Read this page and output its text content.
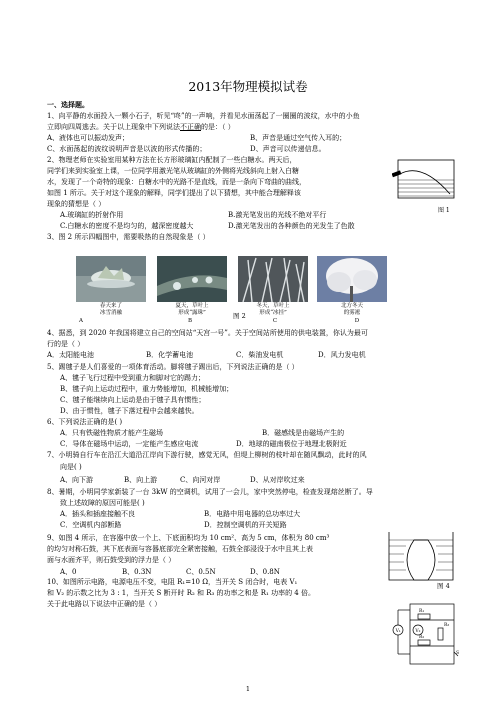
2013年物理模拟试卷
一、选择题。
1、向平静的水面投入一颗小石子，听见“咚”的一声响，并看见水面荡起了一圈圈的波纹，水中的小鱼
立即向四周逃去。关于以上现象中下列说法不正确的是：（ ）
A、液体也可以振动发声；	B、声音是通过空气传入耳的；
C、水面荡起的波纹说明声音是以波的形式传播的；	D、声音可以传递信息。
2、物理老师在实验室用某种方法在长方形玻璃缸内配制了一些白糖水。两天后，
同学们来到实验室上课，一位同学用激光笔从玻璃缸的外侧将光线斜向上射入白糖
水，发现了一个奇特的现象：白糖水中的光路不是直线，而是一条向下弯曲的曲线，
如图 1 所示。关于对这个现象的解释，同学们提出了以下猜想，其中能合理解释该
现象的猜想是（ ）
A.玻璃缸的折射作用	B.激光笔发出的光线不绝对平行
C.白糖水的密度不是均匀的，越深密度越大	D.激光笔发出的各种颜色的光发生了色散
图 1
3、图 2 所示四幅图中，需要吸热的自然现象是（ ）
春天来了
冰雪消融
夏天，草叶上
形成“露珠”
冬天，草叶上
形成“冰挂”
北方冬天
的雾凇
A	B	C	D
图 2
4、据悉，到 2020 年我国将建立自己的空间站“天宫一号”。关于空间站所使用的供电装置，你认为最可
行的是（ ）
A．太阳能电池	B．化学蓄电池	C．柴油发电机	D．风力发电机
5、踢毽子是人们喜爱的一项体育活动。脚将毽子踢出后，下列说法正确的是（ ）
A、毽子飞行过程中受到重力和脚对它的踢力；
B、毽子向上运动过程中，重力势能增加，机械能增加；
C、毽子能继续向上运动是由于毽子具有惯性；
D、由于惯性，毽子下落过程中会越来越快。
6、下列说法正确的是( )
A．只有铁磁性物质才能产生磁场	B．磁感线是由磁场产生的
C．导体在磁场中运动，一定能产生感应电流	D．地球的磁南极位于地理北极附近
7、小明骑自行车在沿江大道沿江岸向下游行驶，感觉无风，但堤上柳树的枝叶却在随风飘动，此时的风
向是( )
A、向下游	B、向上游	C、向河对岸	D、从对岸吹过来
8、暑期，小明同学家新装了一台 3kW 的空调机，试用了一会儿，家中突然停电，检查发现熔丝断了。导
致上述故障的原因可能是( )
A．插头和插座接触不良	B．电路中用电器的总功率过大
C．空调机内部断路	D．控制空调机的开关短路
9、如图 4 所示，在容器中放一个上、下底面积均为 10 cm²、高为 5 cm，体积为 80 cm³
的均匀对称石鼓，其下底表面与容器底部完全紧密接触，石鼓全部浸没于水中且其上表
面与水面齐平，则石鼓受到的浮力是（ ）
A、0	B、0.3N	C、0.5N	D、0.8N
图 4
10、如图所示电路，电源电压不变，电阻 R₁=10 Ω，当开关 S 闭合时，电表 V₁
和 V₂ 的示数之比为 3 : 1，当开关 S 断开时 R₂ 和 R₃ 的功率之和是 R₁ 功率的 4 倍。
关于此电路以下说法中正确的是（ ）
V₁	V₂
R₁
R₂
R₃
S
1
